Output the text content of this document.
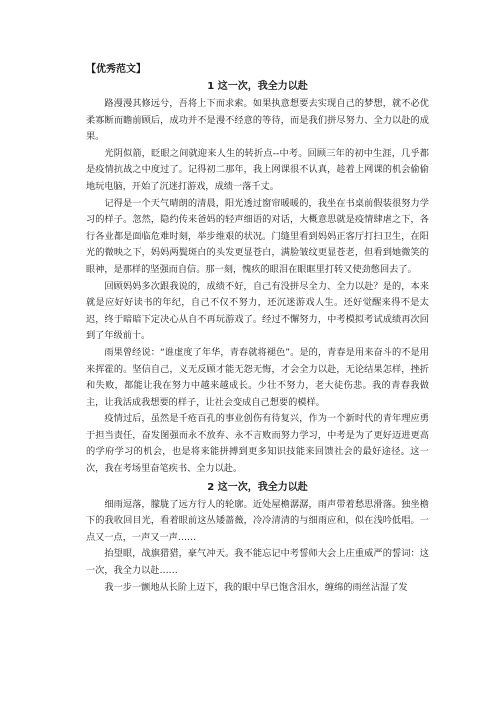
【优秀范文】
1 这一次，我全力以赴

路漫漫其修远兮，吾将上下而求索。如果执意想要去实现自己的梦想，就不必优柔寡断而瞻前顾后，成功并不是漫不经意的等待，而是我们拼尽努力、全力以赴的成果。

光阴似箭，眨眼之间就迎来人生的转折点--中考。回顾三年的初中生涯，几乎都是疫情抗战之中度过了。记得初二那年，我上网课很不认真，趁着上网课的机会偷偷地玩电脑，开始了沉迷打游戏，成绩一落千丈。

记得是一个天气晴朗的清晨，阳光透过窗帘暖暖的，我坐在书桌前假装很努力学习的样子。忽然，隐约传来爸妈的轻声细语的对话，大概意思就是疫情肆虐之下，各行各业都是面临危难时刻，举步维艰的状况。门缝里看到妈妈正客厅打扫卫生，在阳光的微映之下，妈妈两鬓斑白的头发更显苍白，满脸皱纹更显苍老，但看到她微笑的眼神，是那样的坚强而自信。那一刻，愧疚的眼泪在眼眶里打转又使劲憋回去了。

回顾妈妈多次跟我说的，成绩不好，自己有没拼尽全力、全力以赴？是的，本来就是应好好读书的年纪，自己不仅不努力，还沉迷游戏人生。还好觉醒来得不是太迟，终于暗暗下定决心从自不再玩游戏了。经过不懈努力，中考模拟考试成绩再次回到了年级前十。

雨果曾经说：“谁虚度了年华，青春就将褪色”。是的，青春是用来奋斗的不是用来挥霍的。坚信自己，义无反顾才能无怨无悔，才会全力以赴，无论结果怎样，挫折和失败，都能让我在努力中越来越成长。少壮不努力，老大徒伤悲。我的青春我做主，让我活成我想要的样子，让社会变成自己想要的模样。

疫情过后，虽然是千疮百孔的事业创伤有待复兴，作为一个新时代的青年理应勇于担当责任，奋发图强而永不放弃、永不言败而努力学习，中考是为了更好迈进更高的学府学习的机会，也是将来能拼搏到更多知识技能来回馈社会的最好途径。这一次，我在考场里奋笔疾书、全力以赴。

2 这一次，我全力以赴

细雨逗落，朦胧了远方行人的轮廓。近处屋檐潺潺，雨声带着愁思滑落。独坐檐下的我收回目光，看着眼前这丛矮蔷薇，冷冷清清的与细雨应和，似在浅吟低唱。一点又一点，一声又一声……

抬望眼，战旗猎猎，豪气冲天。我不能忘记中考誓师大会上庄重威严的誓词：这一次，我全力以赴……

我一步一颤地从长阶上迈下，我的眼中早已饱含泪水，缠绵的雨丝沾湿了发
